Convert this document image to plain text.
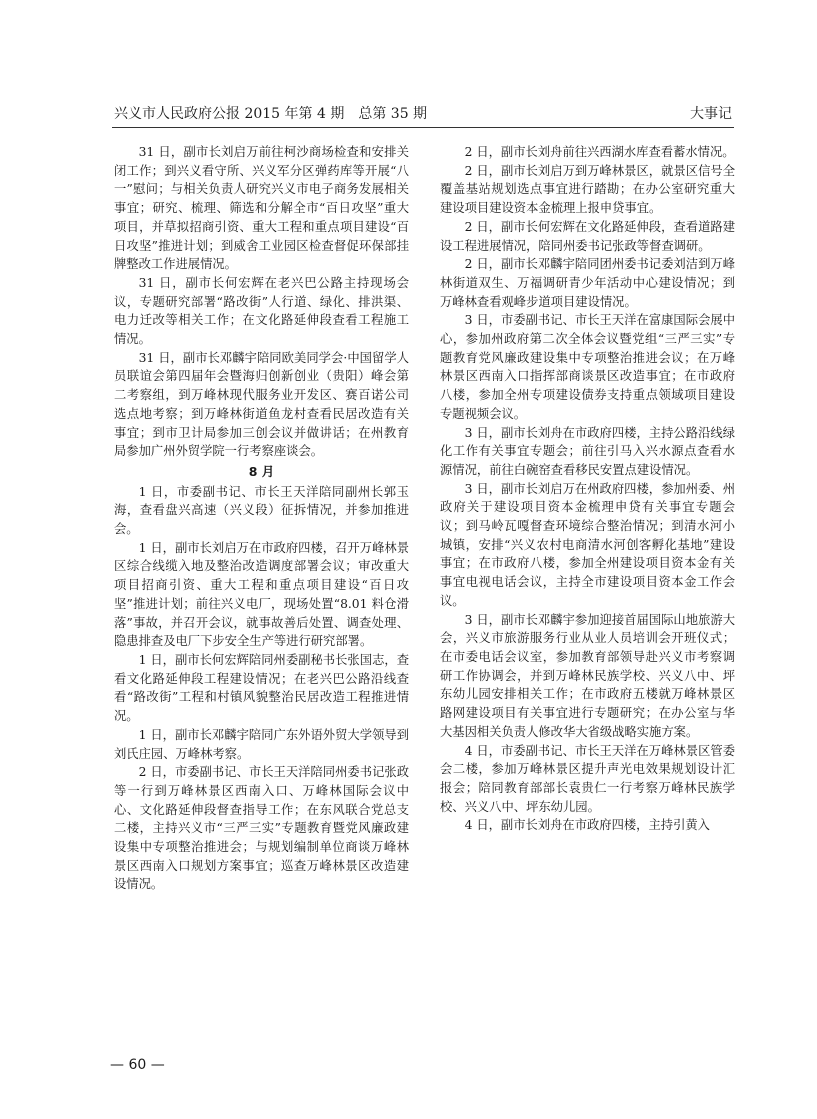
兴义市人民政府公报 2015 年第 4 期　总第 35 期	大事记

31 日，副市长刘启万前往柯沙商场检查和安排关闭工作；到兴义看守所、兴义军分区弹药库等开展“八一”慰问；与相关负责人研究兴义市电子商务发展相关事宜；研究、梳理、筛选和分解全市“百日攻坚”重大项目，并草拟招商引资、重大工程和重点项目建设“百日攻坚”推进计划；到威舍工业园区检查督促环保部挂牌整改工作进展情况。

31 日，副市长何宏辉在老兴巴公路主持现场会议，专题研究部署“路改街”人行道、绿化、排洪渠、电力迁改等相关工作；在文化路延伸段查看工程施工情况。

31 日，副市长邓麟宇陪同欧美同学会·中国留学人员联谊会第四届年会暨海归创新创业（贵阳）峰会第二考察组，到万峰林现代服务业开发区、赛百诺公司选点地考察；到万峰林街道鱼龙村查看民居改造有关事宜；到市卫计局参加三创会议并做讲话；在州教育局参加广州外贸学院一行考察座谈会。

8 月

1 日，市委副书记、市长王天洋陪同副州长郭玉海，查看盘兴高速（兴义段）征拆情况，并参加推进会。

1 日，副市长刘启万在市政府四楼，召开万峰林景区综合线缆入地及整治改造调度部署会议；审改重大项目招商引资、重大工程和重点项目建设“百日攻坚”推进计划；前往兴义电厂，现场处置“8.01 料仓滑落”事故，并召开会议，就事故善后处置、调查处理、隐患排查及电厂下步安全生产等进行研究部署。

1 日，副市长何宏辉陪同州委副秘书长张国志，查看文化路延伸段工程建设情况；在老兴巴公路沿线查看“路改街”工程和村镇风貌整治民居改造工程推进情况。

1 日，副市长邓麟宇陪同广东外语外贸大学领导到刘氏庄园、万峰林考察。

2 日，市委副书记、市长王天洋陪同州委书记张政等一行到万峰林景区西南入口、万峰林国际会议中心、文化路延伸段督查指导工作；在东风联合党总支二楼，主持兴义市“三严三实”专题教育暨党风廉政建设集中专项整治推进会；与规划编制单位商谈万峰林景区西南入口规划方案事宜；巡查万峰林景区改造建设情况。

2 日，副市长刘舟前往兴西湖水库查看蓄水情况。

2 日，副市长刘启万到万峰林景区，就景区信号全覆盖基站规划选点事宜进行踏勘；在办公室研究重大建设项目建设资本金梳理上报申贷事宜。

2 日，副市长何宏辉在文化路延伸段，查看道路建设工程进展情况，陪同州委书记张政等督查调研。

2 日，副市长邓麟宇陪同团州委书记委刘洁到万峰林街道双生、万福调研青少年活动中心建设情况；到万峰林查看观峰步道项目建设情况。

3 日，市委副书记、市长王天洋在富康国际会展中心，参加州政府第二次全体会议暨党组“三严三实”专题教育党风廉政建设集中专项整治推进会议；在万峰林景区西南入口指挥部商谈景区改造事宜；在市政府八楼，参加全州专项建设债券支持重点领域项目建设专题视频会议。

3 日，副市长刘舟在市政府四楼，主持公路沿线绿化工作有关事宜专题会；前往引马入兴水源点查看水源情况，前往白碗窑查看移民安置点建设情况。

3 日，副市长刘启万在州政府四楼，参加州委、州政府关于建设项目资本金梳理申贷有关事宜专题会议；到马岭瓦嘎督查环境综合整治情况；到清水河小城镇，安排“兴义农村电商清水河创客孵化基地”建设事宜；在市政府八楼，参加全州建设项目资本金有关事宜电视电话会议，主持全市建设项目资本金工作会议。

3 日，副市长邓麟宇参加迎接首届国际山地旅游大会，兴义市旅游服务行业从业人员培训会开班仪式；在市委电话会议室，参加教育部领导赴兴义市考察调研工作协调会，并到万峰林民族学校、兴义八中、坪东幼儿园安排相关工作；在市政府五楼就万峰林景区路网建设项目有关事宜进行专题研究；在办公室与华大基因相关负责人修改华大省级战略实施方案。

4 日，市委副书记、市长王天洋在万峰林景区管委会二楼，参加万峰林景区提升声光电效果规划设计汇报会；陪同教育部部长袁贵仁一行考察万峰林民族学校、兴义八中、坪东幼儿园。

4 日，副市长刘舟在市政府四楼，主持引黄入

— 60 —
